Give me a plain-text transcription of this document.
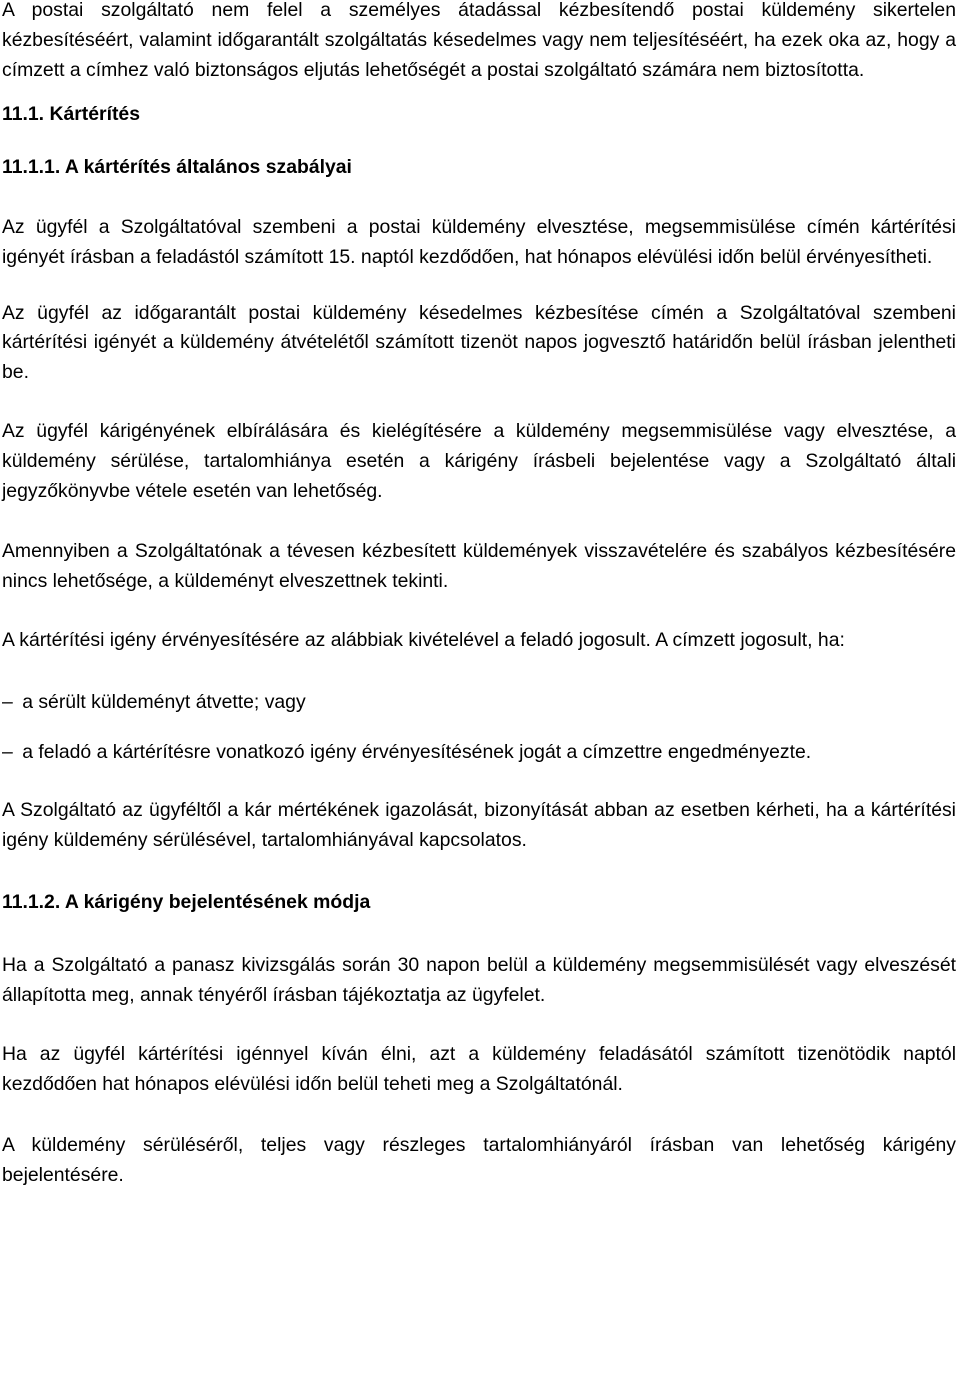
A postai szolgáltató nem felel a személyes átadással kézbesítendő postai küldemény sikertelen kézbesítéséért, valamint időgarantált szolgáltatás késedelmes vagy nem teljesítéséért, ha ezek oka az, hogy a címzett a címhez való biztonságos eljutás lehetőségét a postai szolgáltató számára nem biztosította.

11.1. Kártérítés

11.1.1. A kártérítés általános szabályai

Az ügyfél a Szolgáltatóval szembeni a postai küldemény elvesztése, megsemmisülése címén kártérítési igényét írásban a feladástól számított 15. naptól kezdődően, hat hónapos elévülési időn belül érvényesítheti.

Az ügyfél az időgarantált postai küldemény késedelmes kézbesítése címén a Szolgáltatóval szembeni kártérítési igényét a küldemény átvételétől számított tizenöt napos jogvesztő határidőn belül írásban jelentheti be.

Az ügyfél kárigényének elbírálására és kielégítésére a küldemény megsemmisülése vagy elvesztése, a küldemény sérülése, tartalomhiánya esetén a kárigény írásbeli bejelentése vagy a Szolgáltató általi jegyzőkönyvbe vétele esetén van lehetőség.

Amennyiben a Szolgáltatónak a tévesen kézbesített küldemények visszavételére és szabályos kézbesítésére nincs lehetősége, a küldeményt elveszettnek tekinti.

A kártérítési igény érvényesítésére az alábbiak kivételével a feladó jogosult. A címzett jogosult, ha:

– a sérült küldeményt átvette; vagy

– a feladó a kártérítésre vonatkozó igény érvényesítésének jogát a címzettre engedményezte.

A Szolgáltató az ügyféltől a kár mértékének igazolását, bizonyítását abban az esetben kérheti, ha a kártérítési igény küldemény sérülésével, tartalomhiányával kapcsolatos.

11.1.2. A kárigény bejelentésének módja

Ha a Szolgáltató a panasz kivizsgálás során 30 napon belül a küldemény megsemmisülését vagy elveszését állapította meg, annak tényéről írásban tájékoztatja az ügyfelet.

Ha az ügyfél kártérítési igénnyel kíván élni, azt a küldemény feladásától számított tizenötödik naptól kezdődően hat hónapos elévülési időn belül teheti meg a Szolgáltatónál.

A küldemény sérüléséről, teljes vagy részleges tartalomhiányáról írásban van lehetőség kárigény bejelentésére.
